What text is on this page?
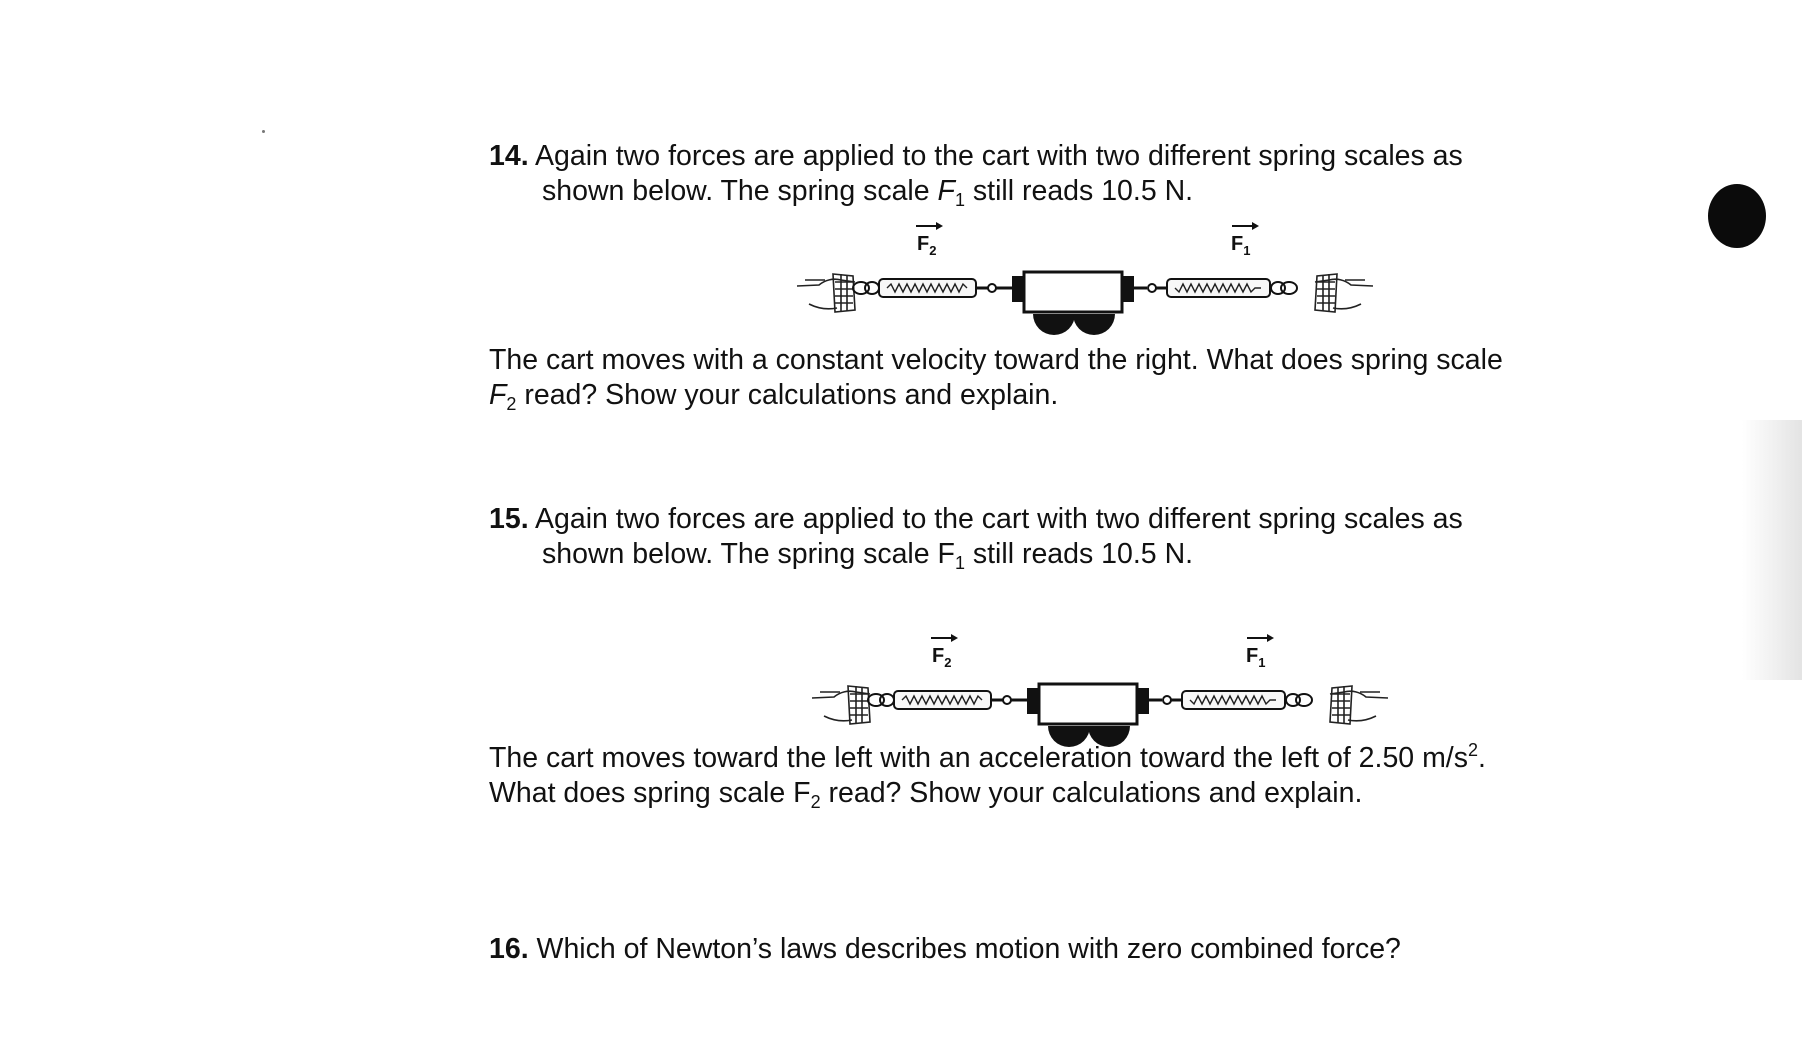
14. Again two forces are applied to the cart with two different spring scales as
shown below. The spring scale $F_1$ still reads 10.5 N.
$F_2$	$F_1$
The cart moves with a constant velocity toward the right. What does spring scale
$F_2$ read? Show your calculations and explain.
15. Again two forces are applied to the cart with two different spring scales as
shown below. The spring scale $F_1$ still reads 10.5 N.
$F_2$	$F_1$
The cart moves toward the left with an acceleration toward the left of 2.50 $m/s^2$.
What does spring scale $F_2$ read? Show your calculations and explain.
16. Which of Newton’s laws describes motion with zero combined force?
